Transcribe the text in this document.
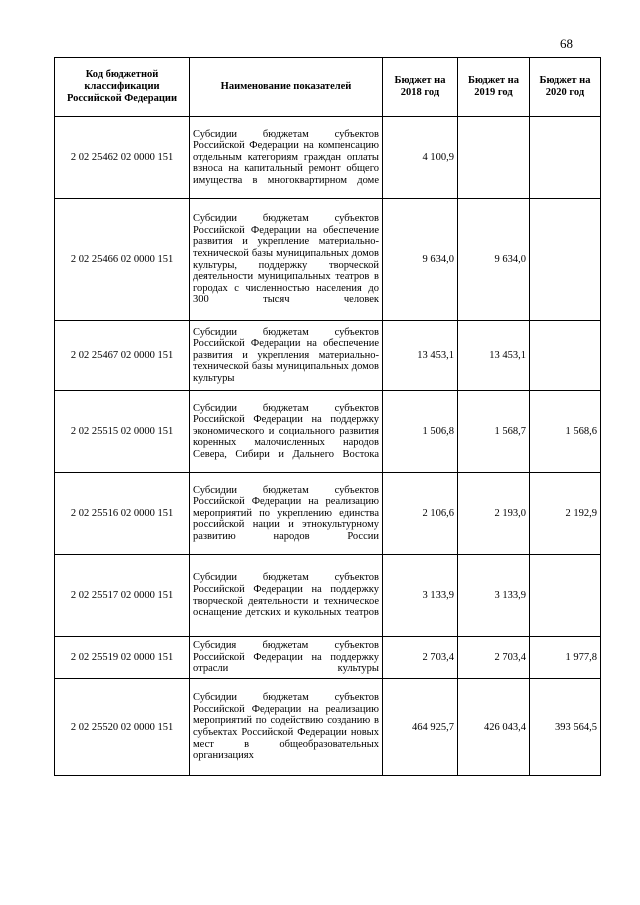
68
Код бюджетной классификации Российской Федерации	Наименование показателей	Бюджет на 2018 год	Бюджет на 2019 год	Бюджет на 2020 год
2 02 25462 02 0000 151	Субсидии бюджетам субъектов Российской Федерации на компенсацию отдельным категориям граждан оплаты взноса на капитальный ремонт общего имущества в многоквартирном доме	4 100,9		
2 02 25466 02 0000 151	Субсидии бюджетам субъектов Российской Федерации на обеспечение развития и укрепление материально-технической базы муниципальных домов культуры, поддержку творческой деятельности муниципальных театров в городах с численностью населения до 300 тысяч человек	9 634,0	9 634,0	
2 02 25467 02 0000 151	Субсидии бюджетам субъектов Российской Федерации на обеспечение развития и укрепления материально-технической базы муниципальных домов культуры	13 453,1	13 453,1	
2 02 25515 02 0000 151	Субсидии бюджетам субъектов Российской Федерации на поддержку экономического и социального развития коренных малочисленных народов Севера, Сибири и Дальнего Востока	1 506,8	1 568,7	1 568,6
2 02 25516 02 0000 151	Субсидии бюджетам субъектов Российской Федерации на реализацию мероприятий по укреплению единства российской нации и этнокультурному развитию народов России	2 106,6	2 193,0	2 192,9
2 02 25517 02 0000 151	Субсидии бюджетам субъектов Российской Федерации на поддержку творческой деятельности и техническое оснащение детских и кукольных театров	3 133,9	3 133,9	
2 02 25519 02 0000 151	Субсидия бюджетам субъектов Российской Федерации на поддержку отрасли культуры	2 703,4	2 703,4	1 977,8
2 02 25520 02 0000 151	Субсидии бюджетам субъектов Российской Федерации на реализацию мероприятий по содействию созданию в субъектах Российской Федерации новых мест в общеобразовательных организациях	464 925,7	426 043,4	393 564,5
